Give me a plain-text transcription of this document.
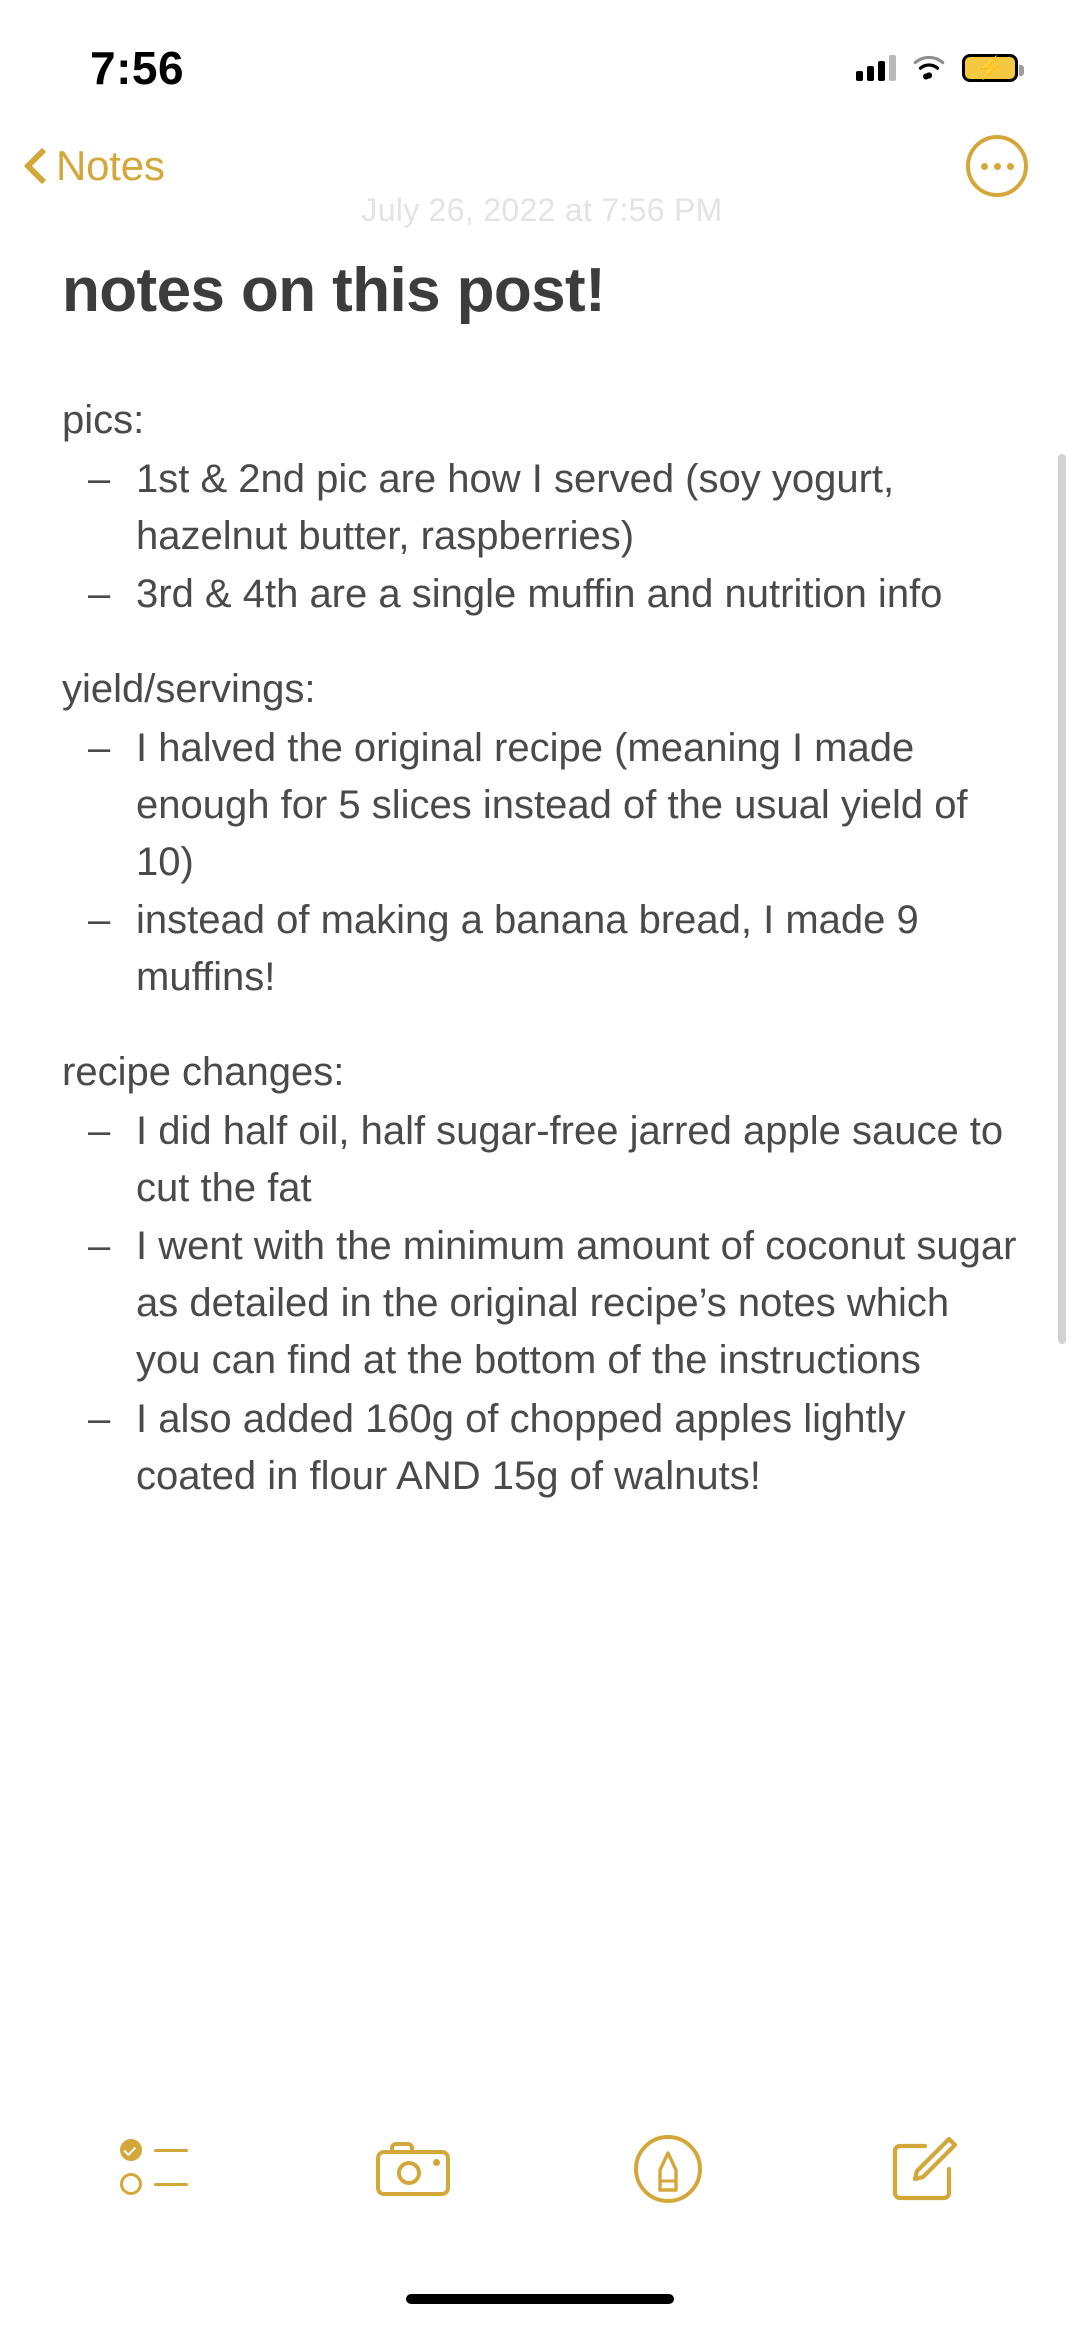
7:56	⚡
Notes
July 26, 2022 at 7:56 PM
notes on this post!
pics:
– 1st & 2nd pic are how I served (soy yogurt, hazelnut butter, raspberries)
– 3rd & 4th are a single muffin and nutrition info
yield/servings:
– I halved the original recipe (meaning I made enough for 5 slices instead of the usual yield of 10)
– instead of making a banana bread, I made 9 muffins!
recipe changes:
– I did half oil, half sugar-free jarred apple sauce to cut the fat
– I went with the minimum amount of coconut sugar as detailed in the original recipe’s notes which you can find at the bottom of the instructions
– I also added 160g of chopped apples lightly coated in flour AND 15g of walnuts!
